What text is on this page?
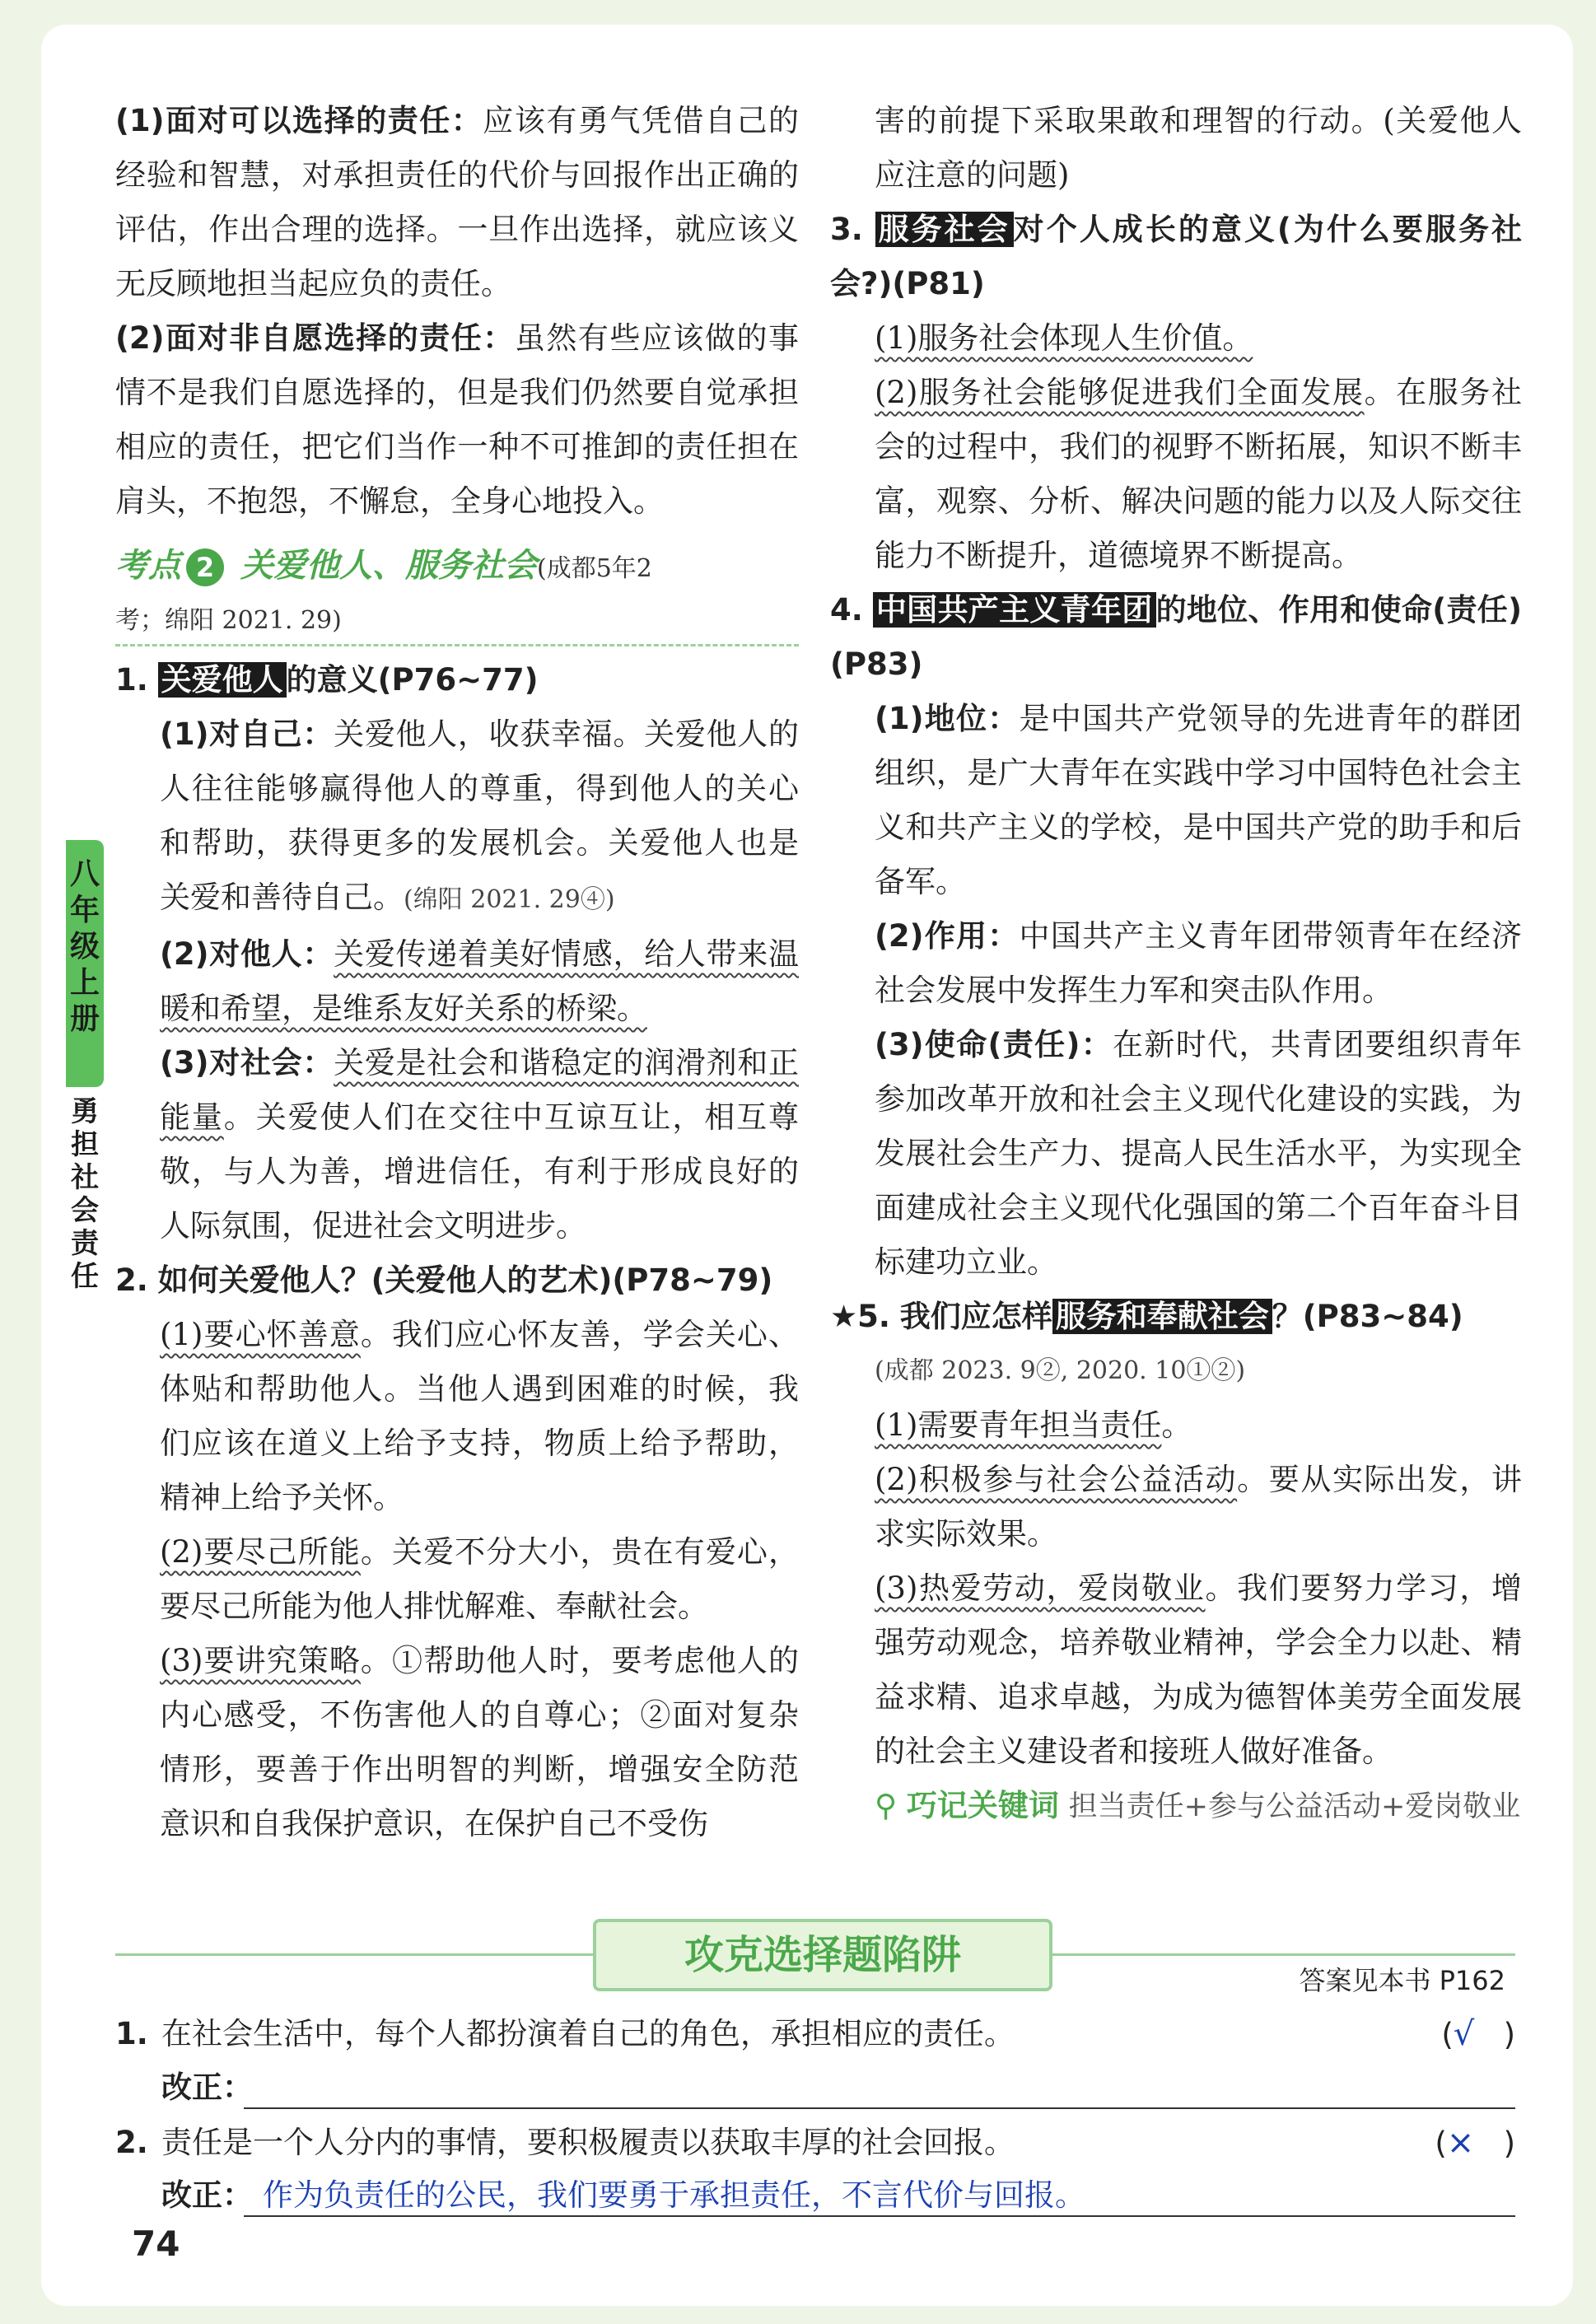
八年级上册
勇担社会责任

(1)面对可以选择的责任：应该有勇气凭借自己的经验和智慧，对承担责任的代价与回报作出正确的评估，作出合理的选择。一旦作出选择，就应该义无反顾地担当起应负的责任。

(2)面对非自愿选择的责任：虽然有些应该做的事情不是我们自愿选择的，但是我们仍然要自觉承担相应的责任，把它们当作一种不可推卸的责任担在肩头，不抱怨，不懈怠，全身心地投入。

考点 2 关爱他人、服务社会(成都5年2
考；绵阳 2021. 29)

1. 关爱他人 的意义(P76~77)

(1)对自己：关爱他人，收获幸福。关爱他人的人往往能够赢得他人的尊重，得到他人的关心和帮助，获得更多的发展机会。关爱他人也是关爱和善待自己。(绵阳 2021. 29④)

(2)对他人：关爱传递着美好情感，给人带来温暖和希望，是维系友好关系的桥梁。

(3)对社会：关爱是社会和谐稳定的润滑剂和正能量。关爱使人们在交往中互谅互让，相互尊敬，与人为善，增进信任，有利于形成良好的人际氛围，促进社会文明进步。

2. 如何关爱他人？(关爱他人的艺术)(P78~79)

(1)要心怀善意。我们应心怀友善，学会关心、体贴和帮助他人。当他人遇到困难的时候，我们应该在道义上给予支持，物质上给予帮助，精神上给予关怀。

(2)要尽己所能。关爱不分大小，贵在有爱心，要尽己所能为他人排忧解难、奉献社会。

(3)要讲究策略。①帮助他人时，要考虑他人的内心感受，不伤害他人的自尊心；②面对复杂情形，要善于作出明智的判断，增强安全防范意识和自我保护意识，在保护自己不受伤

害的前提下采取果敢和理智的行动。(关爱他人应注意的问题)

3. 服务社会 对个人成长的意义(为什么要服务社会?)(P81)

(1)服务社会体现人生价值。

(2)服务社会能够促进我们全面发展。在服务社会的过程中，我们的视野不断拓展，知识不断丰富，观察、分析、解决问题的能力以及人际交往能力不断提升，道德境界不断提高。

4. 中国共产主义青年团 的地位、作用和使命(责任)(P83)

(1)地位：是中国共产党领导的先进青年的群团组织，是广大青年在实践中学习中国特色社会主义和共产主义的学校，是中国共产党的助手和后备军。

(2)作用：中国共产主义青年团带领青年在经济社会发展中发挥生力军和突击队作用。

(3)使命(责任)：在新时代，共青团要组织青年参加改革开放和社会主义现代化建设的实践，为发展社会生产力、提高人民生活水平，为实现全面建成社会主义现代化强国的第二个百年奋斗目标建功立业。

★5. 我们应怎样 服务和奉献社会 ？(P83~84)

(成都 2023. 9②, 2020. 10①②)

(1)需要青年担当责任。

(2)积极参与社会公益活动。要从实际出发，讲求实际效果。

(3)热爱劳动，爱岗敬业。我们要努力学习，增强劳动观念，培养敬业精神，学会全力以赴、精益求精、追求卓越，为成为德智体美劳全面发展的社会主义建设者和接班人做好准备。

⚲ 巧记关键词 担当责任+参与公益活动+爱岗敬业

攻克选择题陷阱
答案见本书 P162
1. 在社会生活中，每个人都扮演着自己的角色，承担相应的责任。	(√   )
改正：
2. 责任是一个人分内的事情，要积极履责以获取丰厚的社会回报。	(×   )
改正： 作为负责任的公民，我们要勇于承担责任，不言代价与回报。
74
